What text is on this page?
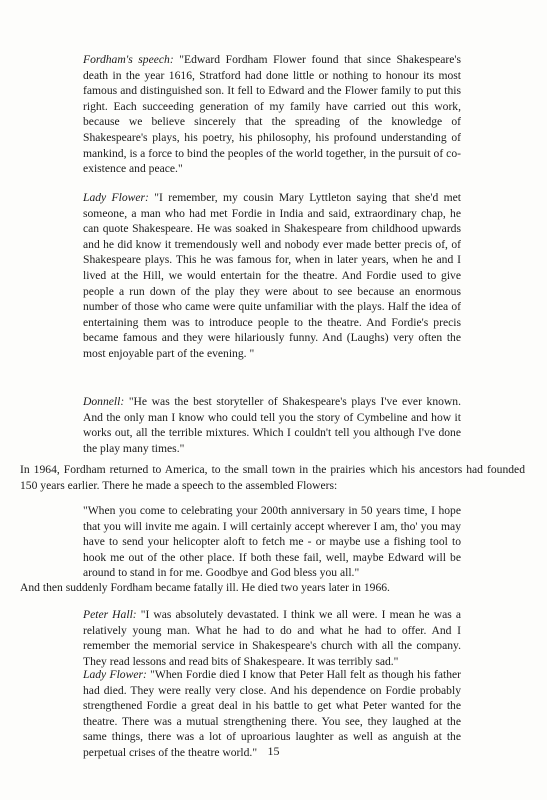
Fordham's speech: "Edward Fordham Flower found that since Shakespeare's death in the year 1616, Stratford had done little or nothing to honour its most famous and distinguished son. It fell to Edward and the Flower family to put this right. Each succeeding generation of my family have carried out this work, because we believe sincerely that the spreading of the knowledge of Shakespeare's plays, his poetry, his philosophy, his profound understanding of mankind, is a force to bind the peoples of the world together, in the pursuit of co-existence and peace."

Lady Flower: "I remember, my cousin Mary Lyttleton saying that she'd met someone, a man who had met Fordie in India and said, extraordinary chap, he can quote Shakespeare. He was soaked in Shakespeare from childhood upwards and he did know it tremendously well and nobody ever made better precis of, of Shakespeare plays. This he was famous for, when in later years, when he and I lived at the Hill, we would entertain for the theatre. And Fordie used to give people a run down of the play they were about to see because an enormous number of those who came were quite unfamiliar with the plays. Half the idea of entertaining them was to introduce people to the theatre. And Fordie's precis became famous and they were hilariously funny. And (Laughs) very often the most enjoyable part of the evening. "

Donnell: "He was the best storyteller of Shakespeare's plays I've ever known. And the only man I know who could tell you the story of Cymbeline and how it works out, all the terrible mixtures. Which I couldn't tell you although I've done the play many times."

In 1964, Fordham returned to America, to the small town in the prairies which his ancestors had founded 150 years earlier. There he made a speech to the assembled Flowers:

"When you come to celebrating your 200th anniversary in 50 years time, I hope that you will invite me again. I will certainly accept wherever I am, tho' you may have to send your helicopter aloft to fetch me - or maybe use a fishing tool to hook me out of the other place. If both these fail, well, maybe Edward will be around to stand in for me. Goodbye and God bless you all."

And then suddenly Fordham became fatally ill. He died two years later in 1966.

Peter Hall: "I was absolutely devastated. I think we all were. I mean he was a relatively young man. What he had to do and what he had to offer. And I remember the memorial service in Shakespeare's church with all the company. They read lessons and read bits of Shakespeare. It was terribly sad."

Lady Flower: "When Fordie died I know that Peter Hall felt as though his father had died. They were really very close. And his dependence on Fordie probably strengthened Fordie a great deal in his battle to get what Peter wanted for the theatre. There was a mutual strengthening there. You see, they laughed at the same things, there was a lot of uproarious laughter as well as anguish at the perpetual crises of the theatre world." 15
